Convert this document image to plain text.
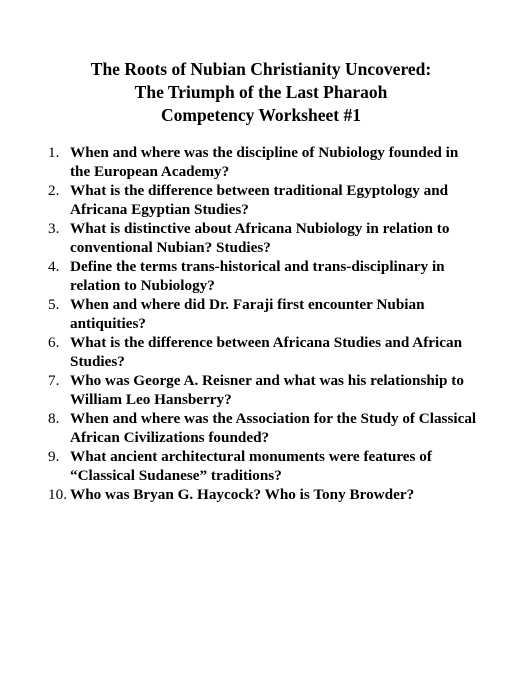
The Roots of Nubian Christianity Uncovered:
The Triumph of the Last Pharaoh
Competency Worksheet #1
1. When and where was the discipline of Nubiology founded in the European Academy?
2. What is the difference between traditional Egyptology and Africana Egyptian Studies?
3. What is distinctive about Africana Nubiology in relation to conventional Nubian? Studies?
4. Define the terms trans-historical and trans-disciplinary in relation to Nubiology?
5. When and where did Dr. Faraji first encounter Nubian antiquities?
6. What is the difference between Africana Studies and African Studies?
7. Who was George A. Reisner and what was his relationship to William Leo Hansberry?
8. When and where was the Association for the Study of Classical African Civilizations founded?
9. What ancient architectural monuments were features of “Classical Sudanese” traditions?
10. Who was Bryan G. Haycock? Who is Tony Browder?
